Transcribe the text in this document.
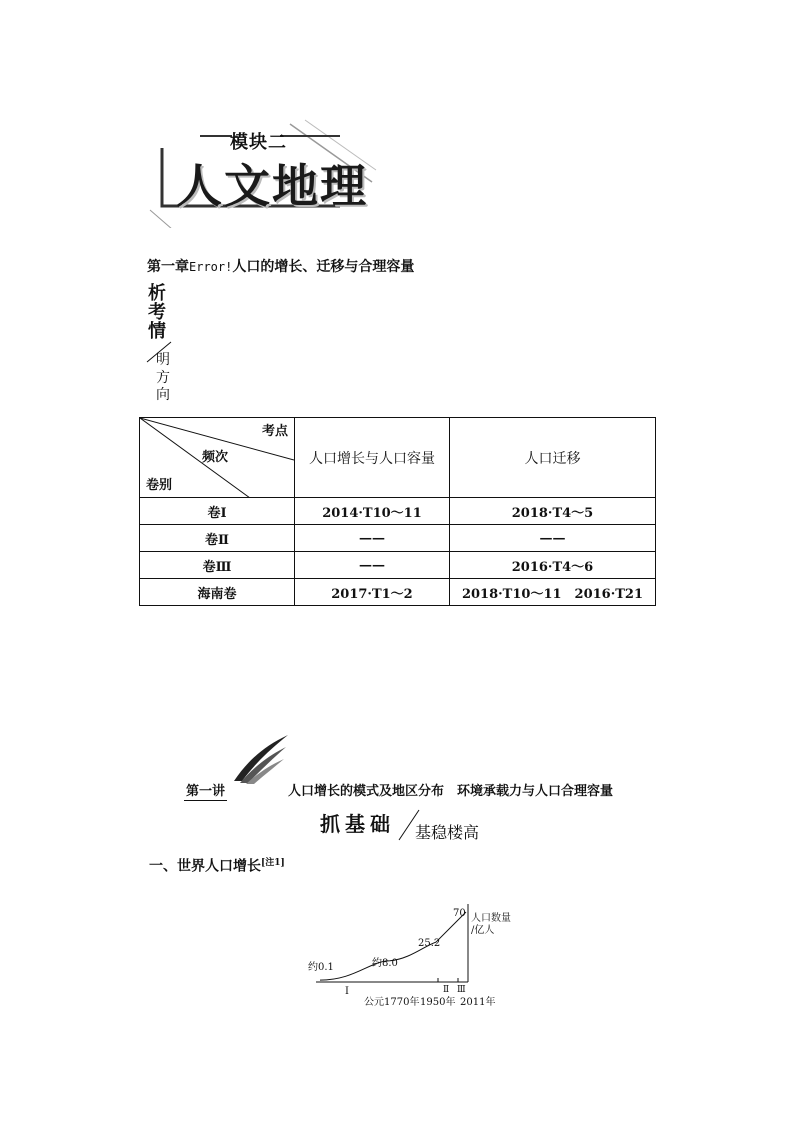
模块二
人文地理
第一章Error!人口的增长、迁移与合理容量
析
考
情
明
方
向
考点
频次
卷别	人口增长与人口容量	人口迁移
卷Ⅰ	2014·T10～11	2018·T4～5
卷Ⅱ	——	——
卷Ⅲ	——	2016·T4～6
海南卷	2017·T1～2	2018·T10～11　2016·T21
第一讲	人口增长的模式及地区分布　环境承载力与人口合理容量
抓基础 基稳楼高
一、世界人口增长[注1]
约0.1	约8.0
25.2
70 人口数量
/亿人
Ⅰ	Ⅱ Ⅲ
公元1770年 1950年 2011年
